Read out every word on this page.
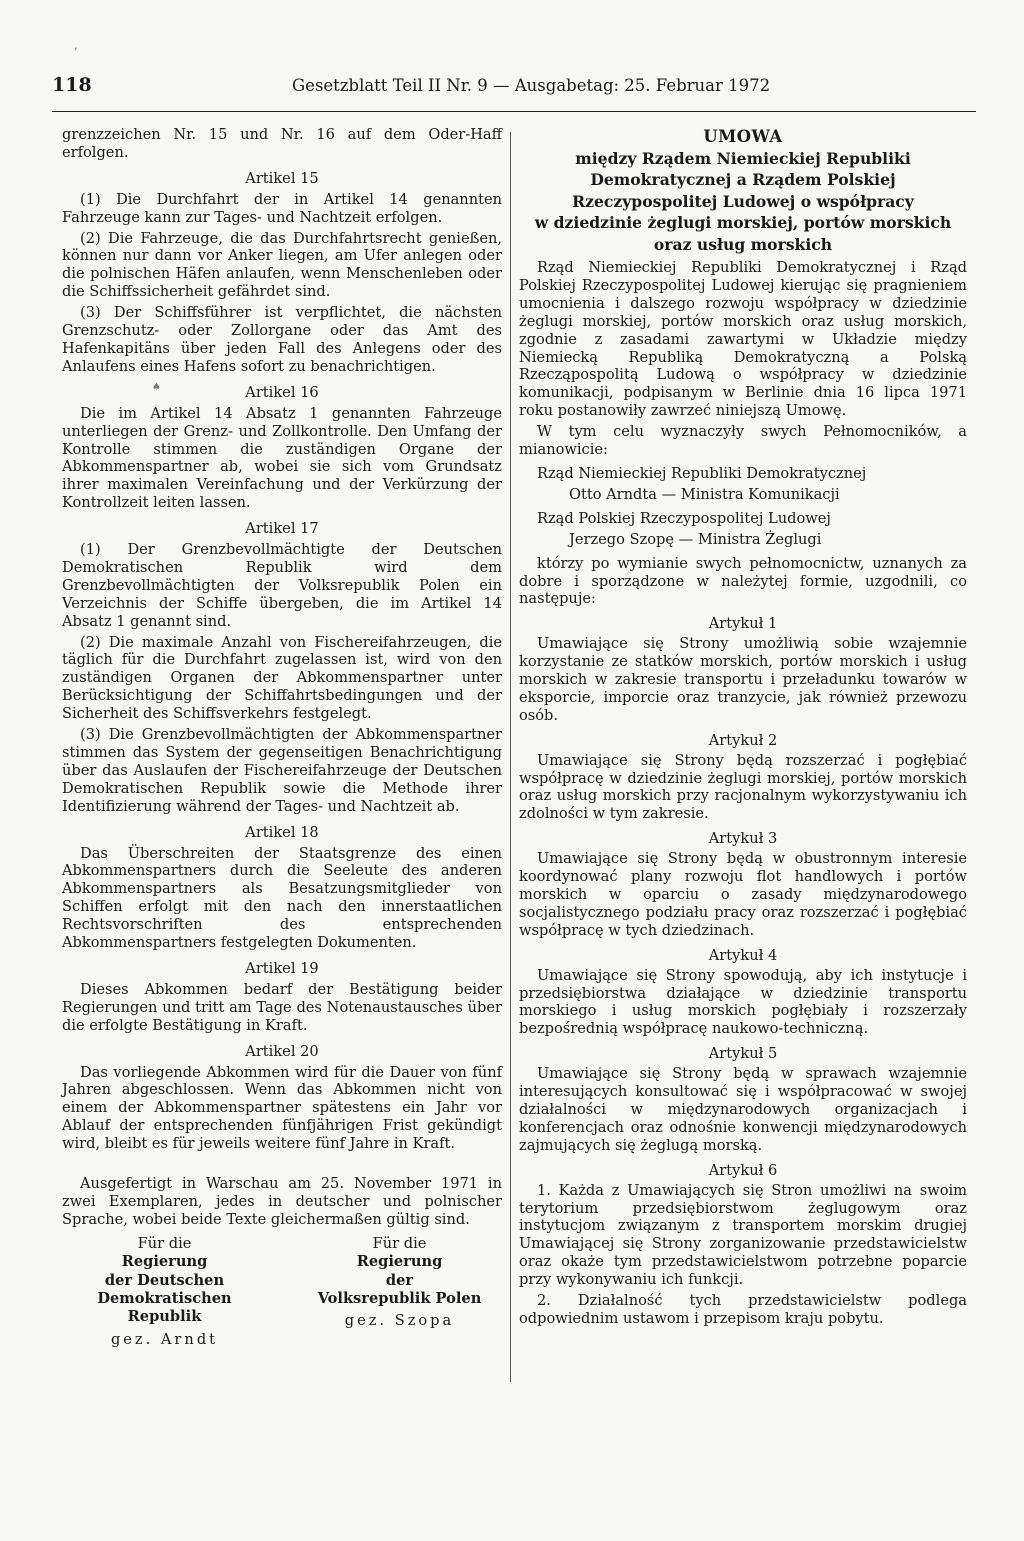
118	Gesetzblatt Teil II Nr. 9 — Ausgabetag: 25. Februar 1972
,
♠

grenzzeichen Nr. 15 und Nr. 16 auf dem Oder-Haff erfolgen.

Artikel 15

(1) Die Durchfahrt der in Artikel 14 genannten Fahrzeuge kann zur Tages- und Nachtzeit erfolgen.

(2) Die Fahrzeuge, die das Durchfahrtsrecht genießen, können nur dann vor Anker liegen, am Ufer anlegen oder die polnischen Häfen anlaufen, wenn Menschenleben oder die Schiffssicherheit gefährdet sind.

(3) Der Schiffsführer ist verpflichtet, die nächsten Grenzschutz- oder Zollorgane oder das Amt des Hafenkapitäns über jeden Fall des Anlegens oder des Anlaufens eines Hafens sofort zu benachrichtigen.

Artikel 16

Die im Artikel 14 Absatz 1 genannten Fahrzeuge unterliegen der Grenz- und Zollkontrolle. Den Umfang der Kontrolle stimmen die zuständigen Organe der Abkommenspartner ab, wobei sie sich vom Grundsatz ihrer maximalen Vereinfachung und der Verkürzung der Kontrollzeit leiten lassen.

Artikel 17

(1) Der Grenzbevollmächtigte der Deutschen Demokratischen Republik wird dem Grenzbevollmächtigten der Volksrepublik Polen ein Verzeichnis der Schiffe übergeben, die im Artikel 14 Absatz 1 genannt sind.

(2) Die maximale Anzahl von Fischereifahrzeugen, die täglich für die Durchfahrt zugelassen ist, wird von den zuständigen Organen der Abkommenspartner unter Berücksichtigung der Schiffahrtsbedingungen und der Sicherheit des Schiffsverkehrs festgelegt.

(3) Die Grenzbevollmächtigten der Abkommenspartner stimmen das System der gegenseitigen Benachrichtigung über das Auslaufen der Fischereifahrzeuge der Deutschen Demokratischen Republik sowie die Methode ihrer Identifizierung während der Tages- und Nachtzeit ab.

Artikel 18

Das Überschreiten der Staatsgrenze des einen Abkommenspartners durch die Seeleute des anderen Abkommenspartners als Besatzungsmitglieder von Schiffen erfolgt mit den nach den innerstaatlichen Rechtsvorschriften des entsprechenden Abkommenspartners festgelegten Dokumenten.

Artikel 19

Dieses Abkommen bedarf der Bestätigung beider Regierungen und tritt am Tage des Notenaustausches über die erfolgte Bestätigung in Kraft.

Artikel 20

Das vorliegende Abkommen wird für die Dauer von fünf Jahren abgeschlossen. Wenn das Abkommen nicht von einem der Abkommenspartner spätestens ein Jahr vor Ablauf der entsprechenden fünfjährigen Frist gekündigt wird, bleibt es für jeweils weitere fünf Jahre in Kraft.

Ausgefertigt in Warschau am 25. November 1971 in zwei Exemplaren, jedes in deutscher und polnischer Sprache, wobei beide Texte gleichermaßen gültig sind.

Für die
Regierung
der Deutschen
Demokratischen Republik
gez. Arndt
Für die
Regierung
der
Volksrepublik Polen
gez. Szopa
UMOWA
między Rządem Niemieckiej Republiki
Demokratycznej a Rządem Polskiej
Rzeczypospolitej Ludowej o współpracy
w dziedzinie żeglugi morskiej, portów morskich
oraz usług morskich

Rząd Niemieckiej Republiki Demokratycznej i Rząd Polskiej Rzeczypospolitej Ludowej kierując się pragnieniem umocnienia i dalszego rozwoju współpracy w dziedzinie żeglugi morskiej, portów morskich oraz usług morskich, zgodnie z zasadami zawartymi w Układzie między Niemiecką Republiką Demokratyczną a Polską Rzecząpospolitą Ludową o współpracy w dziedzinie komunikacji, podpisanym w Berlinie dnia 16 lipca 1971 roku postanowiły zawrzeć niniejszą Umowę.

W tym celu wyznaczyły swych Pełnomocników, a mianowicie:

Rząd Niemieckiej Republiki Demokratycznej
Otto Arndta — Ministra Komunikacji
Rząd Polskiej Rzeczypospolitej Ludowej
Jerzego Szopę — Ministra Żeglugi

którzy po wymianie swych pełnomocnictw, uznanych za dobre i sporządzone w należytej formie, uzgodnili, co następuje:

Artykuł 1

Umawiające się Strony umożliwią sobie wzajemnie korzystanie ze statków morskich, portów morskich i usług morskich w zakresie transportu i przeładunku towarów w eksporcie, imporcie oraz tranzycie, jak również przewozu osób.

Artykuł 2

Umawiające się Strony będą rozszerzać i pogłębiać współpracę w dziedzinie żeglugi morskiej, portów morskich oraz usług morskich przy racjonalnym wykorzystywaniu ich zdolności w tym zakresie.

Artykuł 3

Umawiające się Strony będą w obustronnym interesie koordynować plany rozwoju flot handlowych i portów morskich w oparciu o zasady międzynarodowego socjalistycznego podziału pracy oraz rozszerzać i pogłębiać współpracę w tych dziedzinach.

Artykuł 4

Umawiające się Strony spowodują, aby ich instytucje i przedsiębiorstwa działające w dziedzinie transportu morskiego i usług morskich pogłębiały i rozszerzały bezpośrednią współpracę naukowo-techniczną.

Artykuł 5

Umawiające się Strony będą w sprawach wzajemnie interesujących konsultować się i współpracować w swojej działalności w międzynarodowych organizacjach i konferencjach oraz odnośnie konwencji międzynarodowych zajmujących się żeglugą morską.

Artykuł 6

1. Każda z Umawiających się Stron umożliwi na swoim terytorium przedsiębiorstwom żeglugowym oraz instytucjom związanym z transportem morskim drugiej Umawiającej się Strony zorganizowanie przedstawicielstw oraz okaże tym przedstawicielstwom potrzebne poparcie przy wykonywaniu ich funkcji.

2. Działalność tych przedstawicielstw podlega odpowiednim ustawom i przepisom kraju pobytu.
